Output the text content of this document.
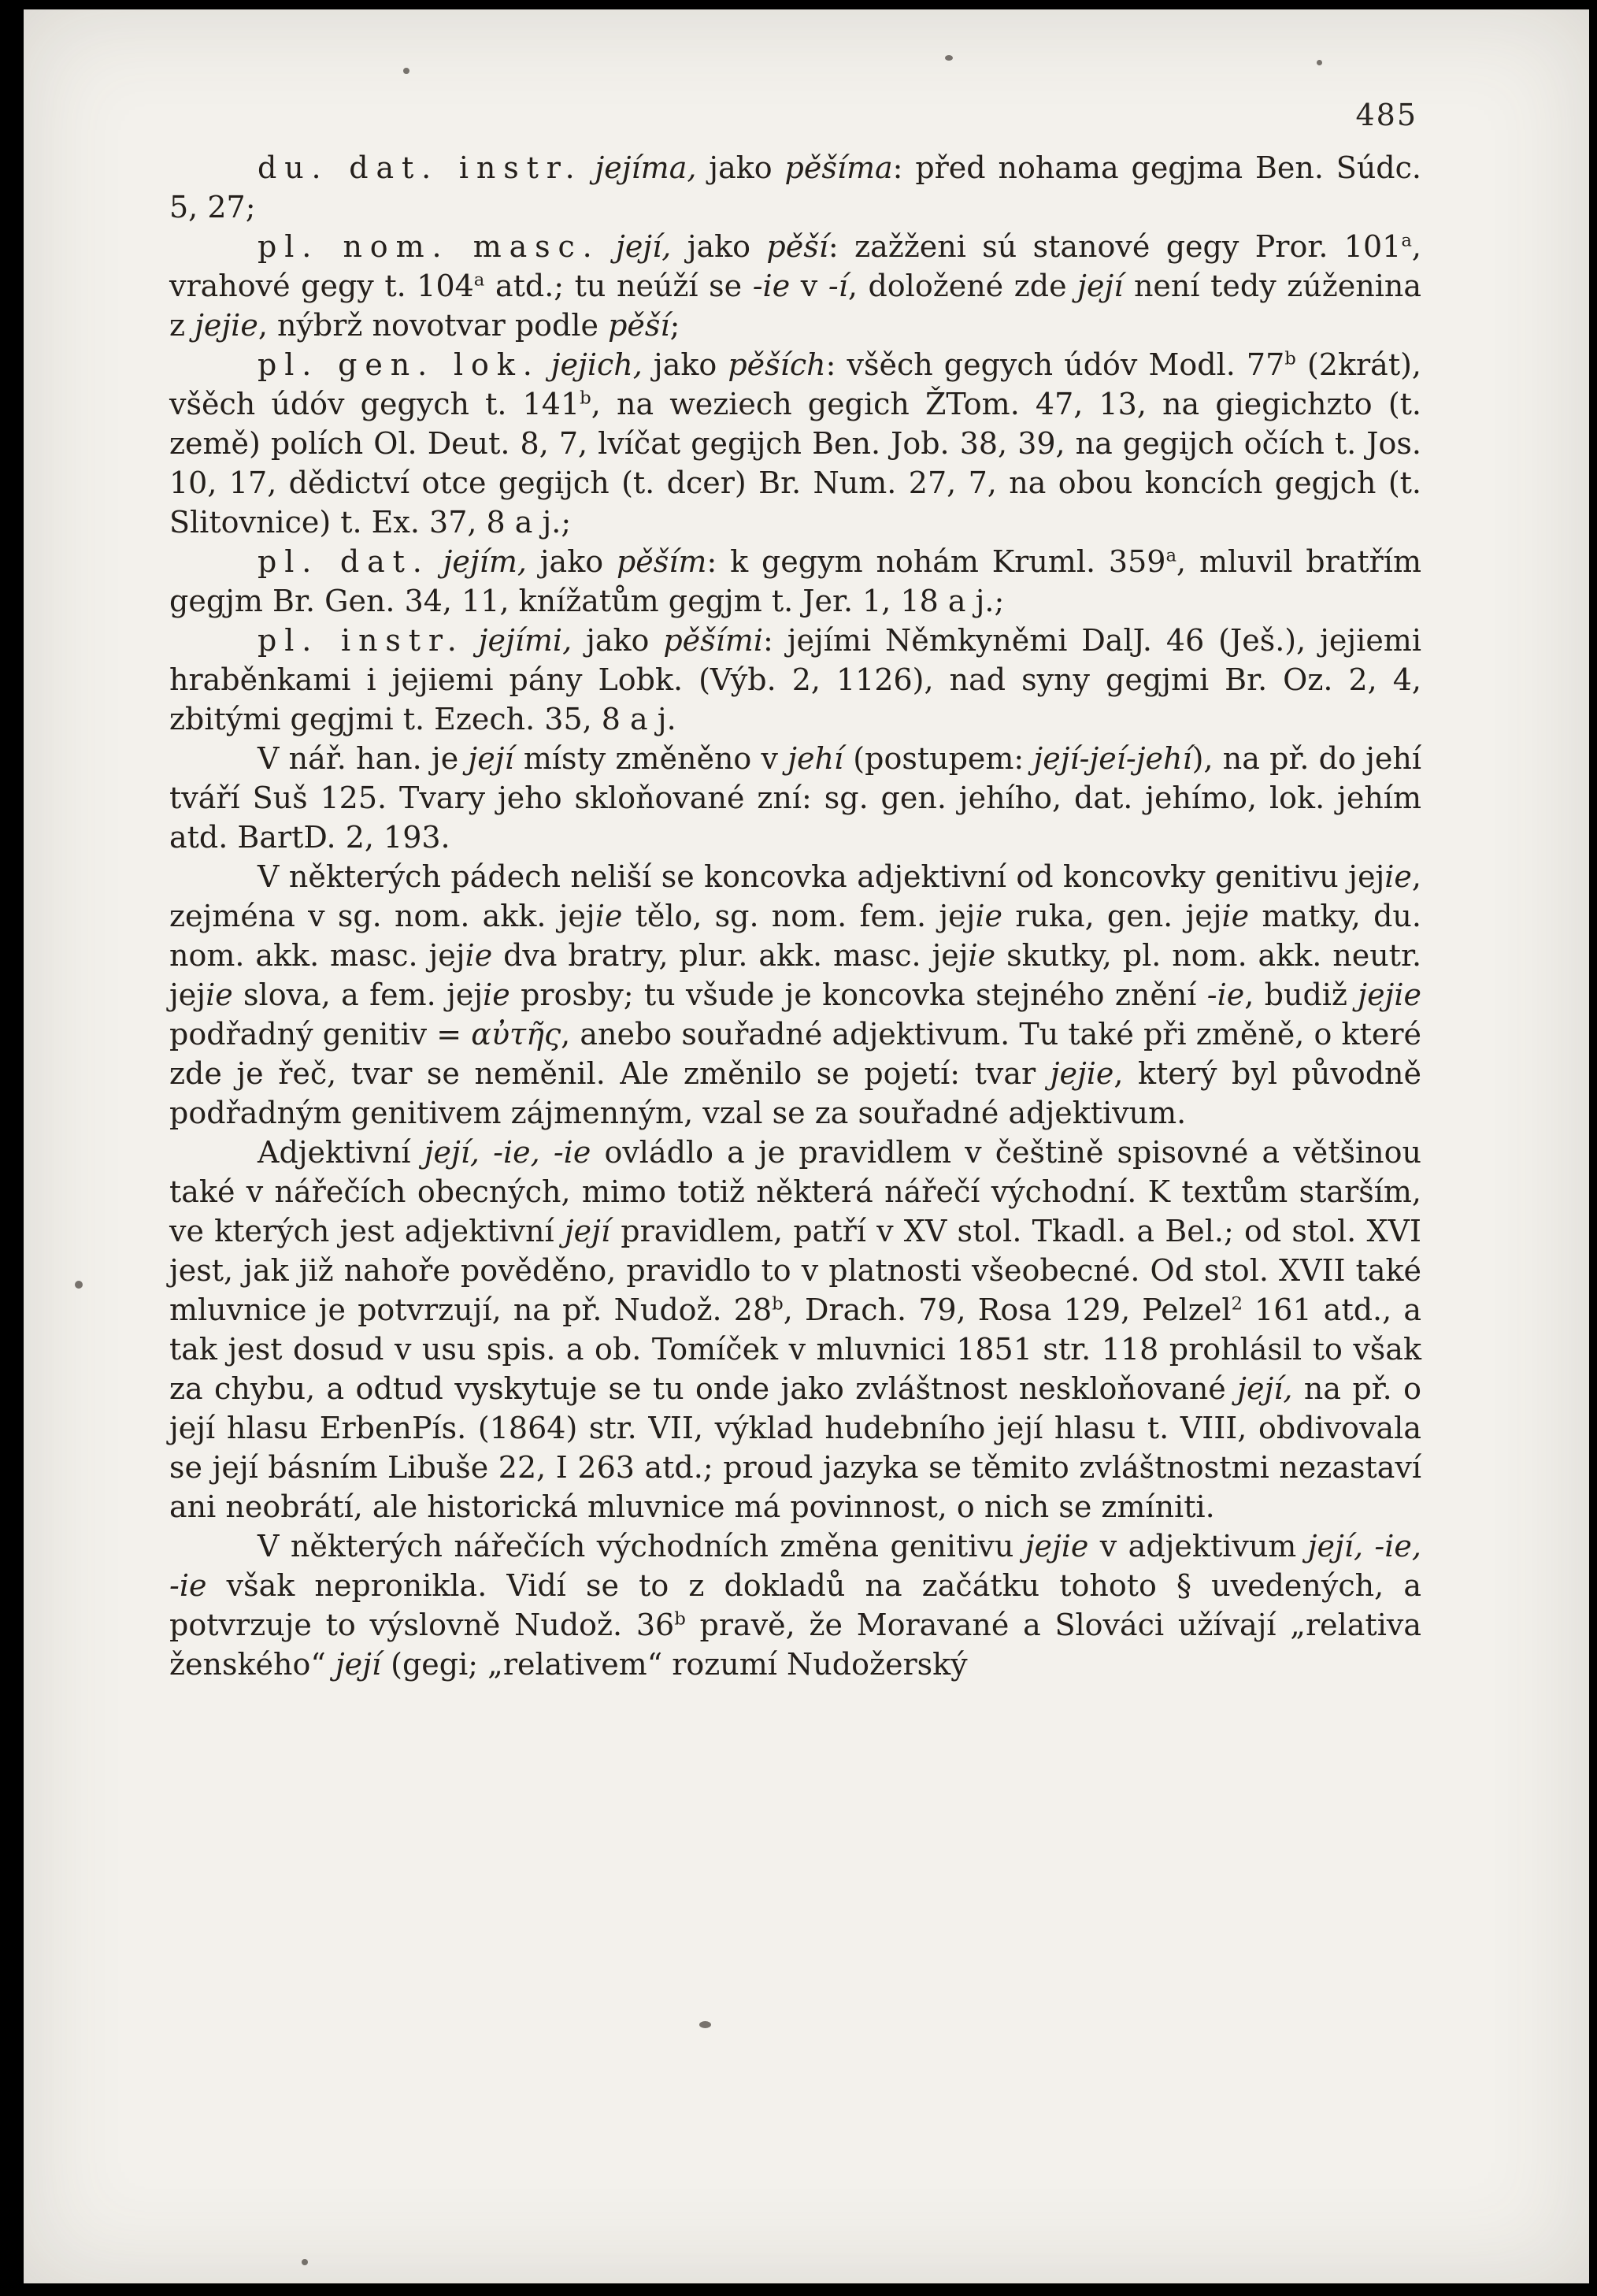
485

du. dat. instr. jejíma, jako pěšíma: před nohama gegjma Ben. Súdc. 5, 27;

pl. nom. masc. její, jako pěší: zažženi sú stanové gegy Pror. 101$^a$, vrahové gegy t. 104$^a$ atd.; tu neúží se -ie v -í, doložené zde její není tedy zúženina z jejie, nýbrž novotvar podle pěší;

pl. gen. lok. jejich, jako pěších: všěch gegych údóv Modl. 77$^b$ (2krát), všěch údóv gegych t. 141$^b$, na weziech gegich ŽTom. 47, 13, na giegichzto (t. země) polích Ol. Deut. 8, 7, lvíčat gegijch Ben. Job. 38, 39, na gegijch očích t. Jos. 10, 17, dědictví otce gegijch (t. dcer) Br. Num. 27, 7, na obou koncích gegjch (t. Slitovnice) t. Ex. 37, 8 a j.;

pl. dat. jejím, jako pěším: k gegym nohám Kruml. 359$^a$, mluvil bratřím gegjm Br. Gen. 34, 11, knížatům gegjm t. Jer. 1, 18 a j.;

pl. instr. jejími, jako pěšími: jejími Němkyněmi DalJ. 46 (Ješ.), jejiemi hraběnkami i jejiemi pány Lobk. (Výb. 2, 1126), nad syny gegjmi Br. Oz. 2, 4, zbitými gegjmi t. Ezech. 35, 8 a j.

V nář. han. je její místy změněno v jehí (postupem: její-jeí-jehí), na př. do jehí tváří Suš 125. Tvary jeho skloňované zní: sg. gen. jehího, dat. jehímo, lok. jehím atd. BartD. 2, 193.

V některých pádech neliší se koncovka adjektivní od koncovky genitivu jejie, zejména v sg. nom. akk. jejie tělo, sg. nom. fem. jejie ruka, gen. jejie matky, du. nom. akk. masc. jejie dva bratry, plur. akk. masc. jejie skutky, pl. nom. akk. neutr. jejie slova, a fem. jejie prosby; tu všude je koncovka stejného znění -ie, budiž jejie podřadný genitiv = αὐτῆς, anebo souřadné adjektivum. Tu také při změně, o které zde je řeč, tvar se neměnil. Ale změnilo se pojetí: tvar jejie, který byl původně podřadným genitivem zájmenným, vzal se za souřadné adjektivum.

Adjektivní její, -ie, -ie ovládlo a je pravidlem v češtině spisovné a většinou také v nářečích obecných, mimo totiž některá nářečí východní. K textům starším, ve kterých jest adjektivní její pravidlem, patří v XV stol. Tkadl. a Bel.; od stol. XVI jest, jak již nahoře pověděno, pravidlo to v platnosti všeobecné. Od stol. XVII také mluvnice je potvrzují, na př. Nudož. 28$^b$, Drach. 79, Rosa 129, Pelzel$^2$ 161 atd., a tak jest dosud v usu spis. a ob. Tomíček v mluvnici 1851 str. 118 prohlásil to však za chybu, a odtud vyskytuje se tu onde jako zvláštnost neskloňované její, na př. o její hlasu ErbenPís. (1864) str. VII, výklad hudebního její hlasu t. VIII, obdivovala se její básním Libuše 22, I 263 atd.; proud jazyka se těmito zvláštnostmi nezastaví ani neobrátí, ale historická mluvnice má povinnost, o nich se zmíniti.

V některých nářečích východních změna genitivu jejie v adjektivum její, -ie, -ie však nepronikla. Vidí se to z dokladů na začátku tohoto § uvedených, a potvrzuje to výslovně Nudož. 36$^b$ pravě, že Moravané a Slováci užívají „relativa ženského“ její (gegi; „relativem“ rozumí Nudožerský
